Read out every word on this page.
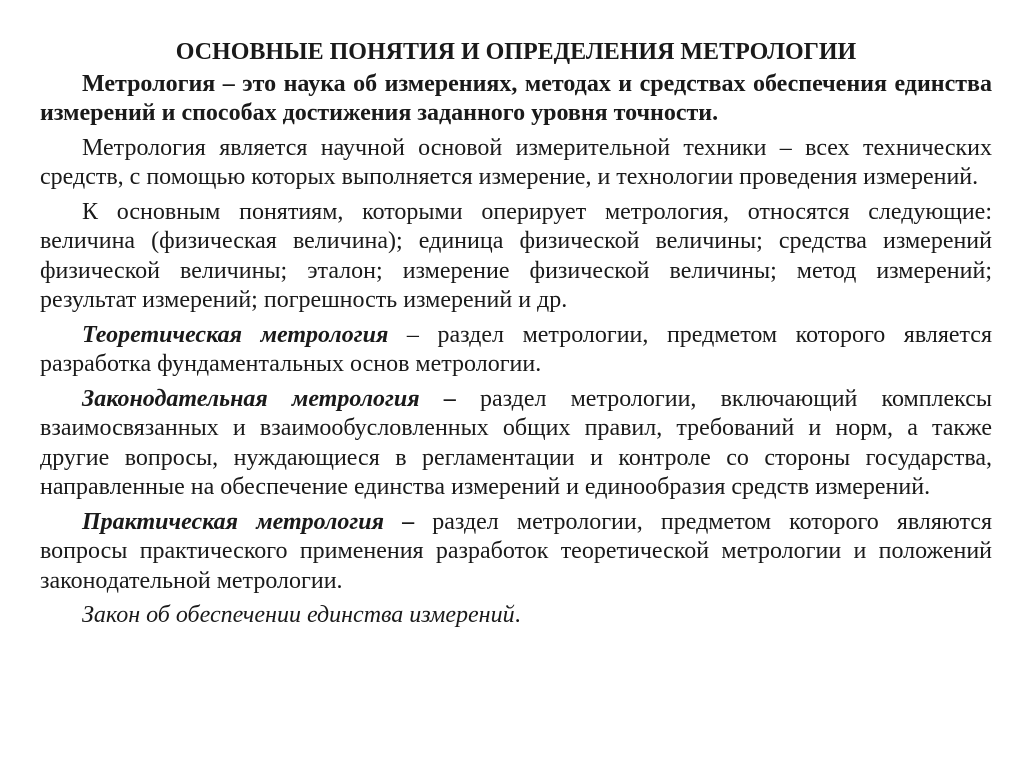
ОСНОВНЫЕ ПОНЯТИЯ И ОПРЕДЕЛЕНИЯ МЕТРОЛОГИИ

Метрология – это наука об измерениях, методах и средствах обеспечения единства измерений и способах достижения заданного уровня точности.

Метрология является научной основой измерительной техники – всех технических средств, с помощью которых выполняется измерение, и технологии проведения измерений.

К основным понятиям, которыми оперирует метрология, относятся следующие: величина (физическая величина); единица физической величины; средства измерений физической величины; эталон; измерение физической величины; метод измерений; результат измерений; погрешность измерений и др.

Теоретическая метрология – раздел метрологии, предметом которого является разработка фундаментальных основ метрологии.

Законодательная метрология – раздел метрологии, включающий комплексы взаимосвязанных и взаимообусловленных общих правил, требований и норм, а также другие вопросы, нуждающиеся в регламентации и контроле со стороны государства, направленные на обеспечение единства измерений и единообразия средств измерений.

Практическая метрология – раздел метрологии, предметом которого являются вопросы практического применения разработок теоретической метрологии и положений законодательной метрологии.

Закон об обеспечении единства измерений.
